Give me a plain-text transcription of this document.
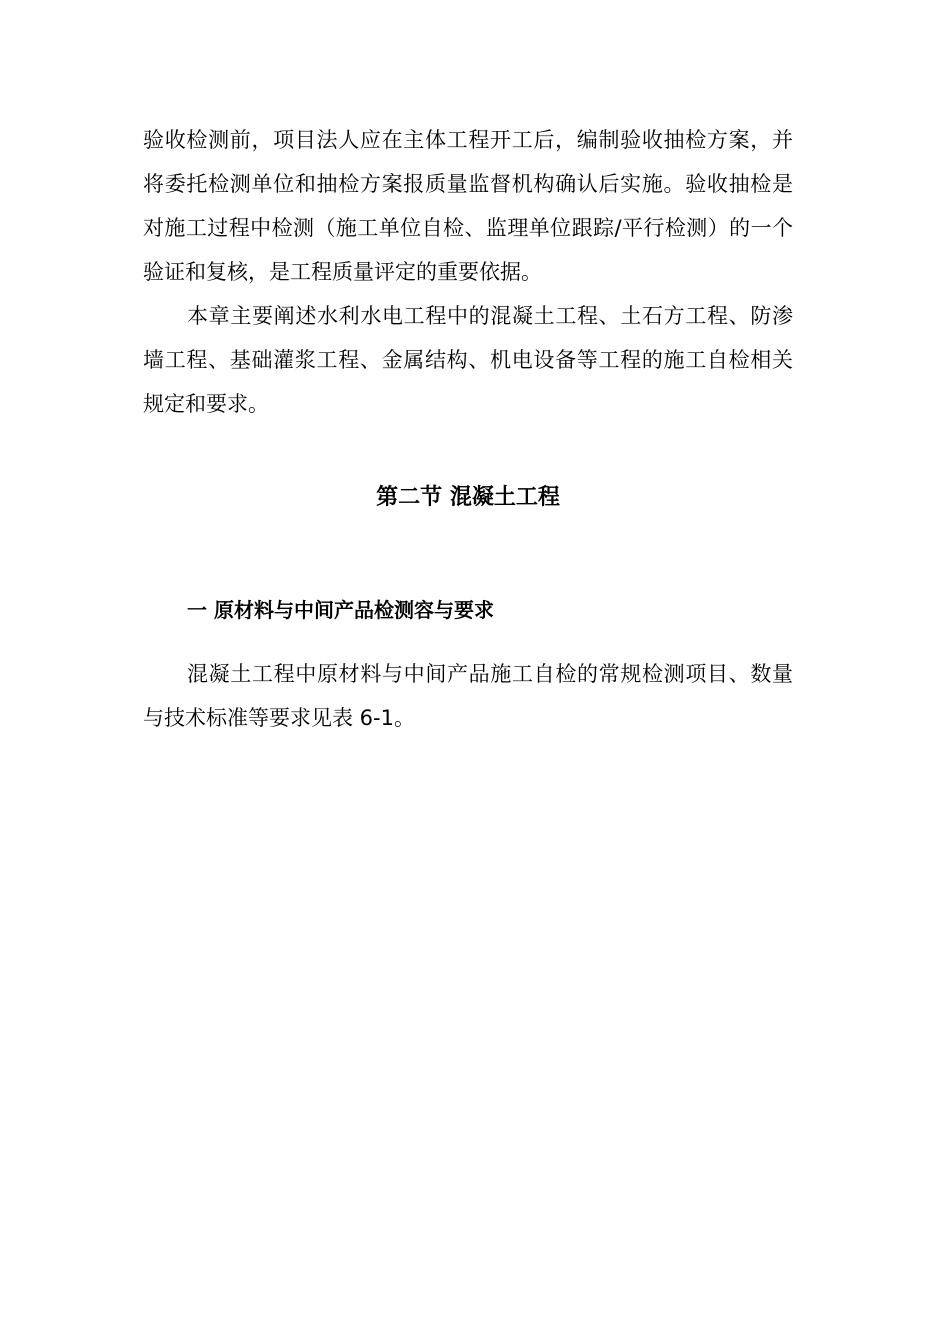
验收检测前，项目法人应在主体工程开工后，编制验收抽检方案，并将委托检测单位和抽检方案报质量监督机构确认后实施。验收抽检是对施工过程中检测（施工单位自检、监理单位跟踪/平行检测）的一个验证和复核，是工程质量评定的重要依据。

本章主要阐述水利水电工程中的混凝土工程、土石方工程、防渗墙工程、基础灌浆工程、金属结构、机电设备等工程的施工自检相关规定和要求。

第二节 混凝土工程
一 原材料与中间产品检测容与要求

混凝土工程中原材料与中间产品施工自检的常规检测项目、数量与技术标准等要求见表 6-1。
